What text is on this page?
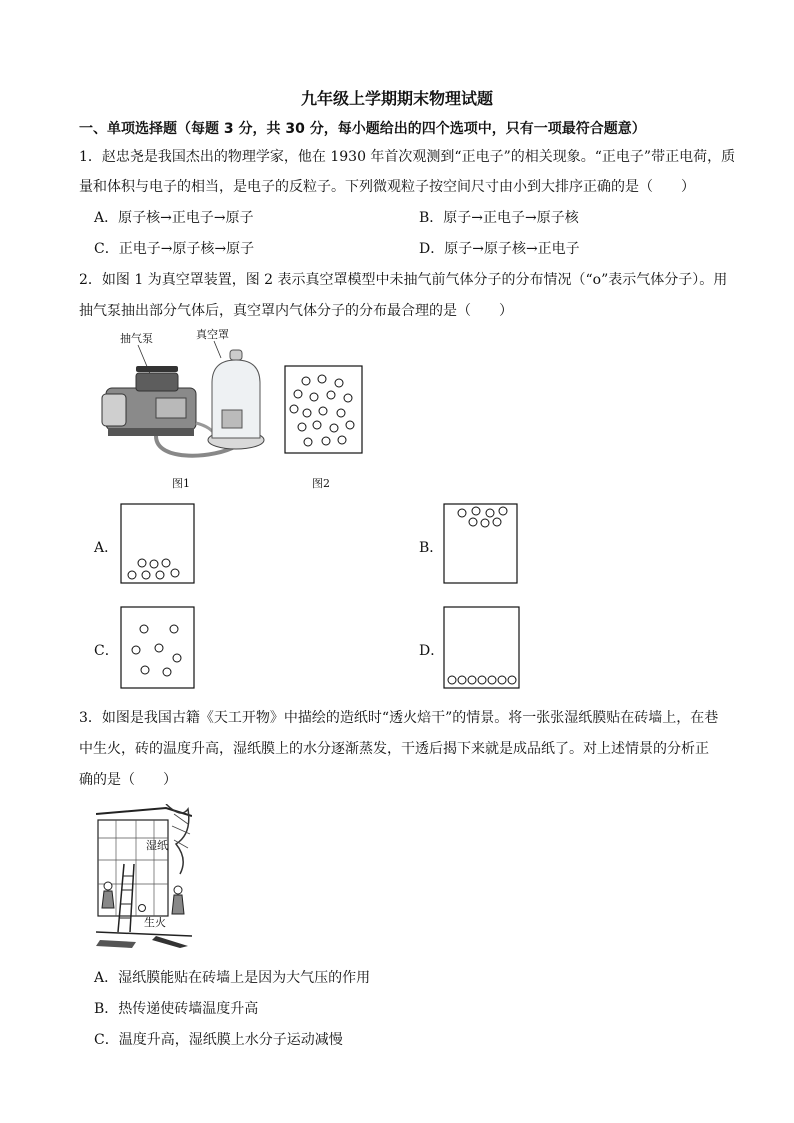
九年级上学期期末物理试题
一、单项选择题（每题 3 分，共 30 分，每小题给出的四个选项中，只有一项最符合题意）
1．赵忠尧是我国杰出的物理学家，他在 1930 年首次观测到“正电子”的相关现象。“正电子”带正电荷，质
量和体积与电子的相当，是电子的反粒子。下列微观粒子按空间尺寸由小到大排序正确的是（　　）
A．原子核→正电子→原子	B．原子→正电子→原子核
C．正电子→原子核→原子	D．原子→原子核→正电子
2．如图 1 为真空罩装置，图 2 表示真空罩模型中未抽气前气体分子的分布情况（“o”表示气体分子）。用
抽气泵抽出部分气体后，真空罩内气体分子的分布最合理的是（　　）
抽气泵	真空罩
图1	图2
A．	B．
C．	D．
3．如图是我国古籍《天工开物》中描绘的造纸时“透火焙干”的情景。将一张张湿纸膜贴在砖墙上，在巷
中生火，砖的温度升高，湿纸膜上的水分逐渐蒸发，干透后揭下来就是成品纸了。对上述情景的分析正
确的是（　　）
湿纸
生火
A．湿纸膜能贴在砖墙上是因为大气压的作用
B．热传递使砖墙温度升高
C．温度升高，湿纸膜上水分子运动减慢
